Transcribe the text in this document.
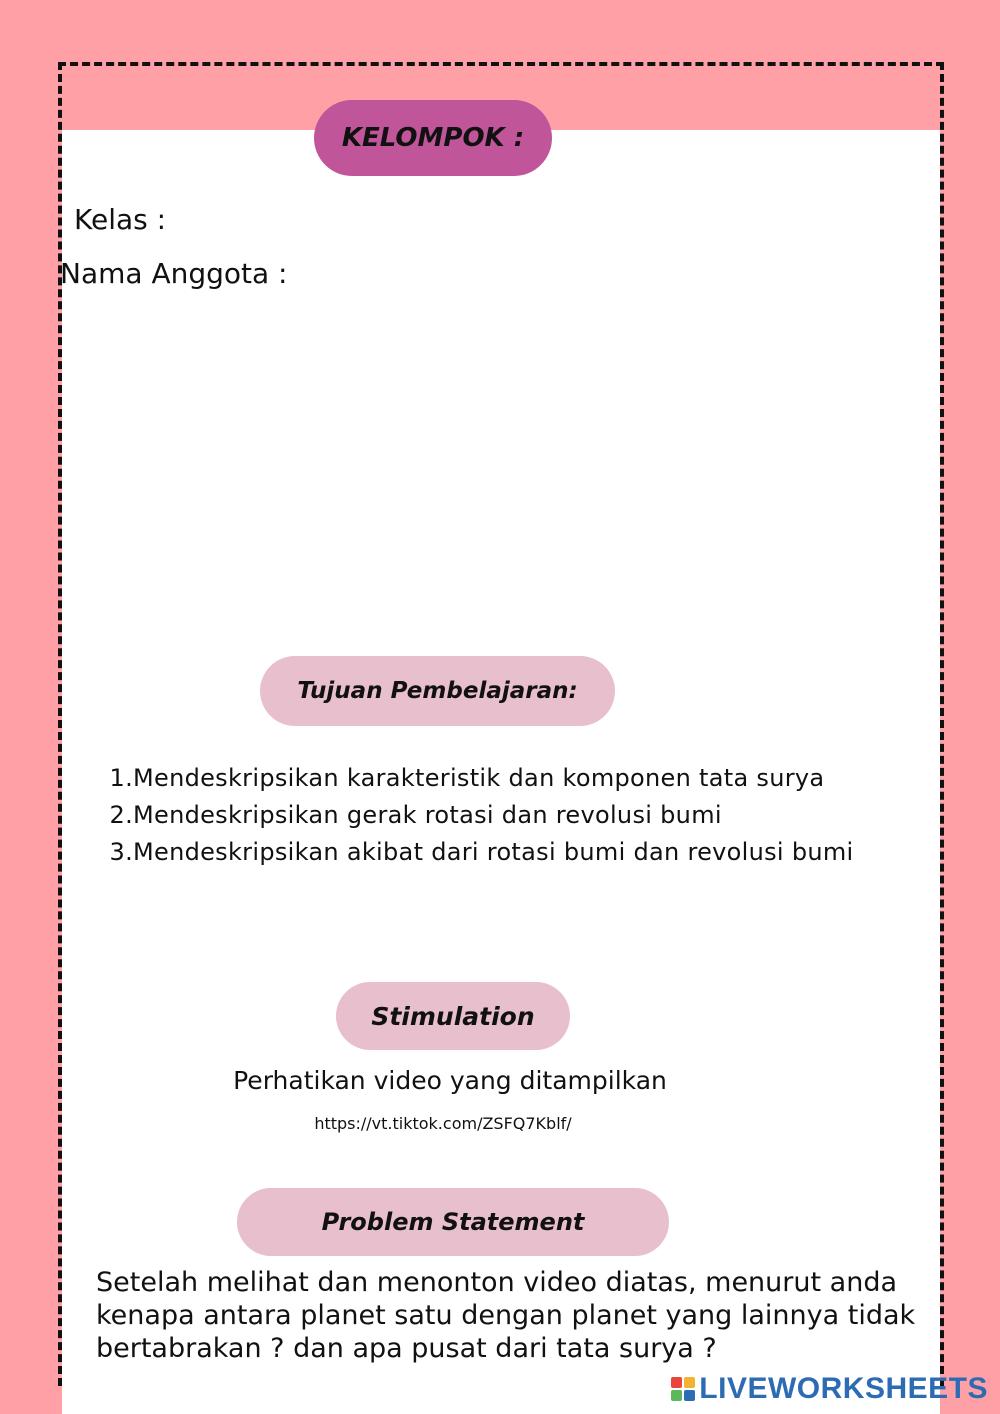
KELOMPOK :
Kelas :
Nama Anggota :
Tujuan Pembelajaran:
1. Mendeskripsikan karakteristik dan komponen tata surya
2. Mendeskripsikan gerak rotasi dan revolusi bumi
3. Mendeskripsikan akibat dari rotasi bumi dan revolusi bumi
Stimulation
Perhatikan video yang ditampilkan
https://vt.tiktok.com/ZSFQ7Kblf/
Problem Statement
Setelah melihat dan menonton video diatas, menurut anda kenapa antara planet satu dengan planet yang lainnya tidak bertabrakan ? dan apa pusat dari tata surya ?
LIVEWORKSHEETS
